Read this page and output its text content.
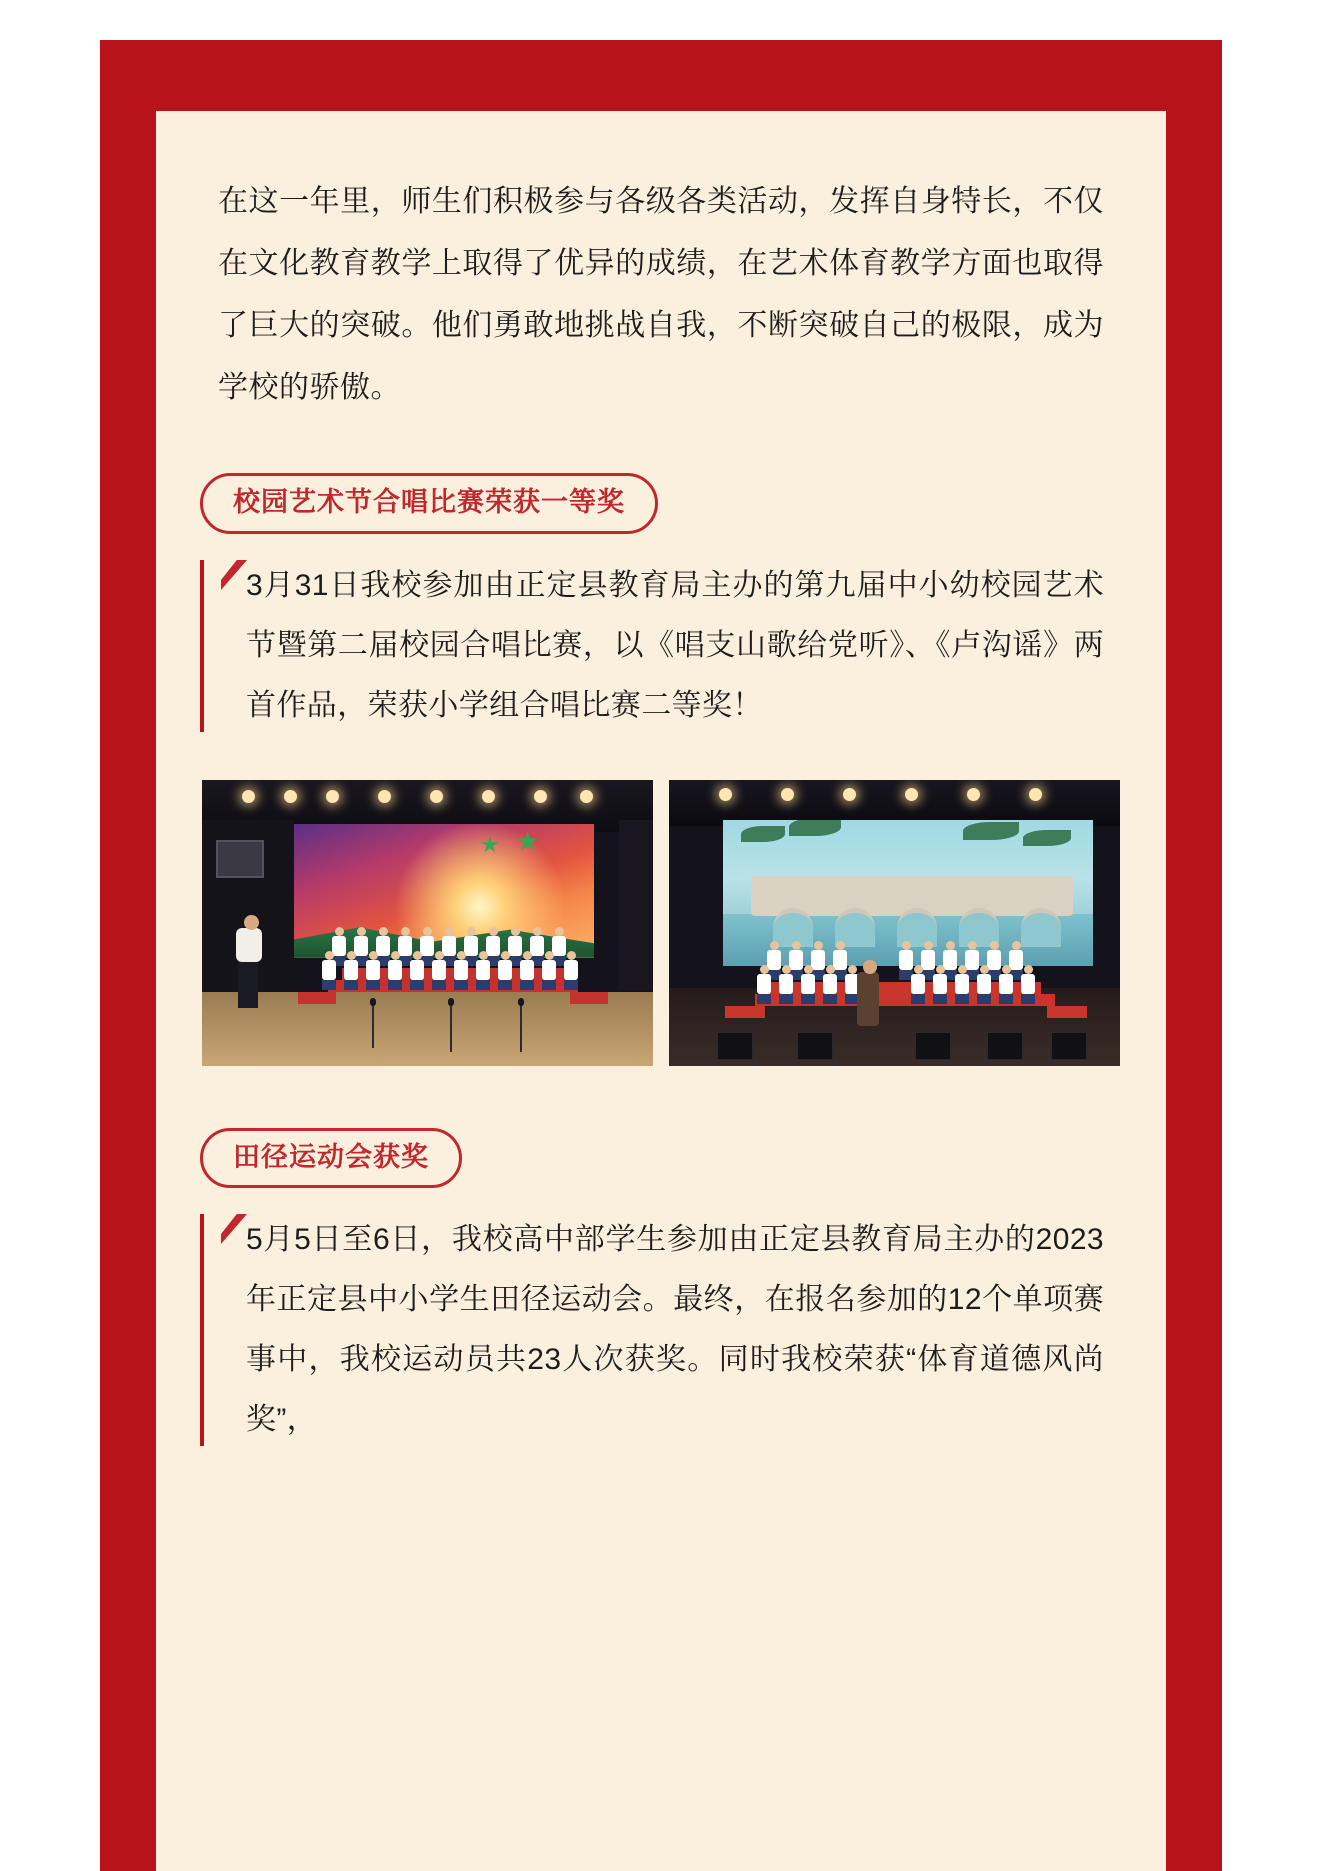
在这一年里，师生们积极参与各级各类活动，发挥自身特长，不仅在文化教育教学上取得了优异的成绩，在艺术体育教学方面也取得了巨大的突破。他们勇敢地挑战自我，不断突破自己的极限，成为学校的骄傲。

校园艺术节合唱比赛荣获一等奖

3月31日我校参加由正定县教育局主办的第九届中小幼校园艺术节暨第二届校园合唱比赛，以《唱支山歌给党听》、《卢沟谣》两首作品，荣获小学组合唱比赛二等奖！

★ ★
田径运动会获奖

5月5日至6日，我校高中部学生参加由正定县教育局主办的2023年正定县中小学生田径运动会。最终，在报名参加的12个单项赛事中，我校运动员共23人次获奖。同时我校荣获“体育道德风尚奖”，
